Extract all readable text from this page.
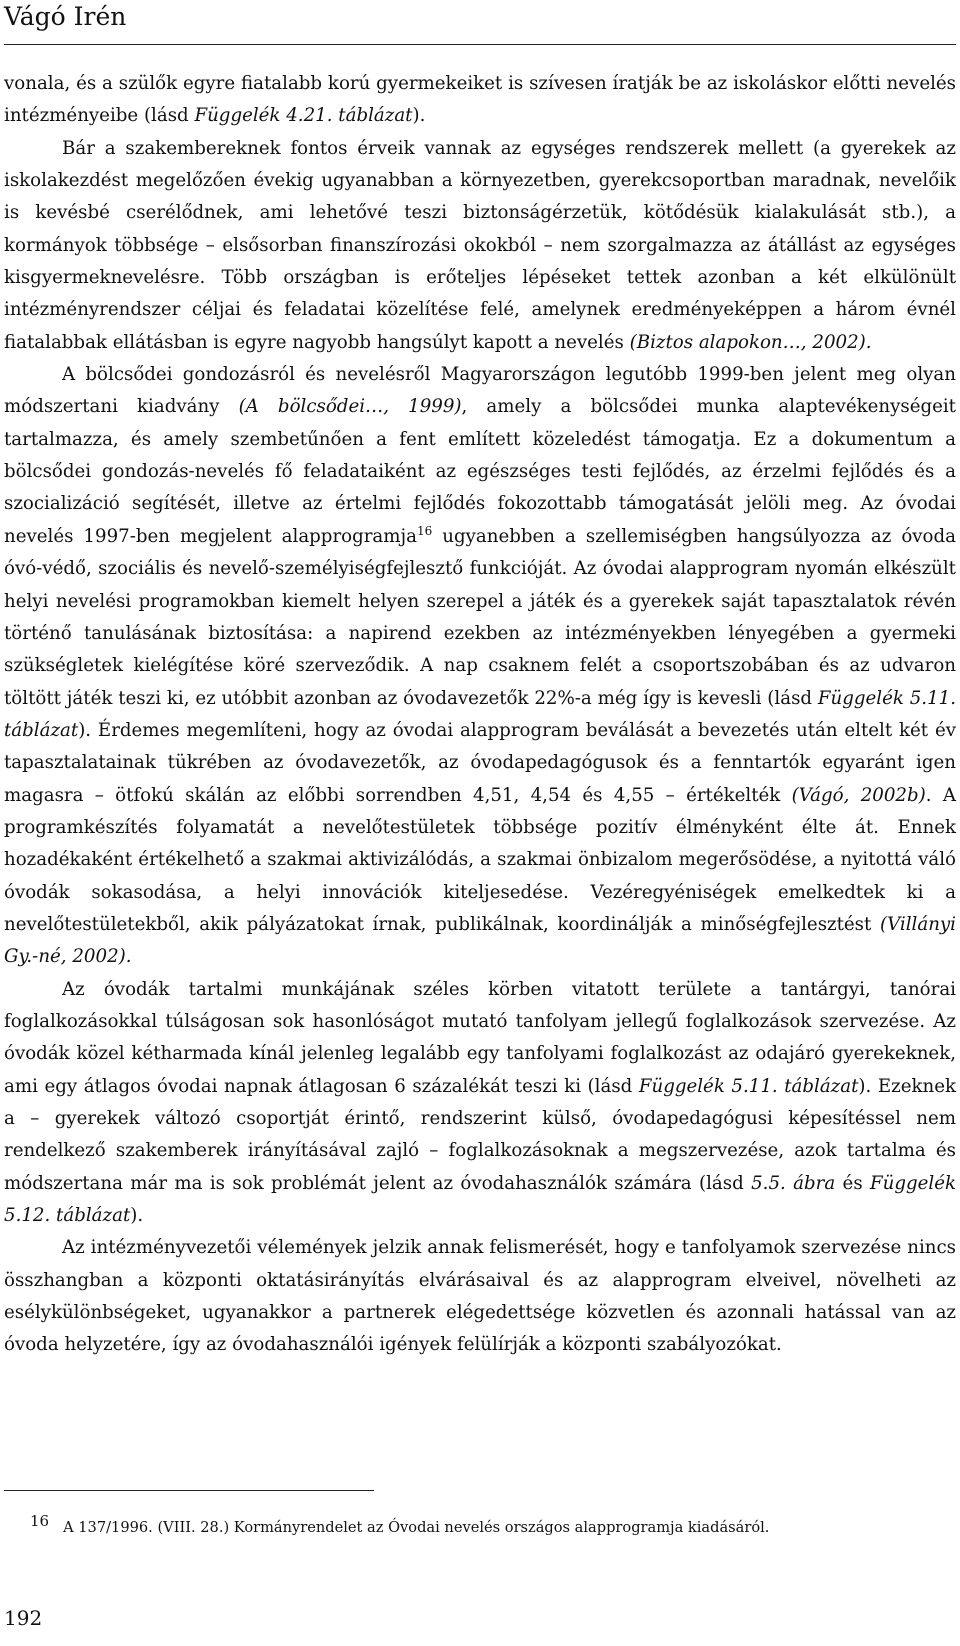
Vágó Irén

vonala, és a szülők egyre fiatalabb korú gyermekeiket is szívesen íratják be az iskoláskor előtti nevelés intézményeibe (lásd Függelék 4.21. táblázat).

Bár a szakembereknek fontos érveik vannak az egységes rendszerek mellett (a gyerekek az iskolakezdést megelőzően évekig ugyanabban a környezetben, gyerekcsoportban maradnak, nevelőik is kevésbé cserélődnek, ami lehetővé teszi biztonságérzetük, kötődésük kialakulását stb.), a kormányok többsége – elsősorban finanszírozási okokból – nem szorgalmazza az átállást az egységes kisgyermeknevelésre. Több országban is erőteljes lépéseket tettek azonban a két elkülönült intézményrendszer céljai és feladatai közelítése felé, amelynek eredményeképpen a három évnél fiatalabbak ellátásban is egyre nagyobb hangsúlyt kapott a nevelés (Biztos alapokon…, 2002).

A bölcsődei gondozásról és nevelésről Magyarországon legutóbb 1999-ben jelent meg olyan módszertani kiadvány (A bölcsődei…, 1999), amely a bölcsődei munka alaptevékenységeit tartalmazza, és amely szembetűnően a fent említett közeledést támogatja. Ez a dokumentum a bölcsődei gondozás-nevelés fő feladataiként az egészséges testi fejlődés, az érzelmi fejlődés és a szocializáció segítését, illetve az értelmi fejlődés fokozottabb támogatását jelöli meg. Az óvodai nevelés 1997-ben megjelent alapprogramja$^{16}$ ugyanebben a szellemiségben hangsúlyozza az óvoda óvó-védő, szociális és nevelő-személyiségfejlesztő funkcióját. Az óvodai alapprogram nyomán elkészült helyi nevelési programokban kiemelt helyen szerepel a játék és a gyerekek saját tapasztalatok révén történő tanulásának biztosítása: a napirend ezekben az intézményekben lényegében a gyermeki szükségletek kielégítése köré szerveződik. A nap csaknem felét a csoportszobában és az udvaron töltött játék teszi ki, ez utóbbit azonban az óvodavezetők 22%-a még így is kevesli (lásd Függelék 5.11. táblázat). Érdemes megemlíteni, hogy az óvodai alapprogram beválását a bevezetés után eltelt két év tapasztalatainak tükrében az óvodavezetők, az óvodapedagógusok és a fenntartók egyaránt igen magasra – ötfokú skálán az előbbi sorrendben 4,51, 4,54 és 4,55 – értékelték (Vágó, 2002b). A programkészítés folyamatát a nevelőtestületek többsége pozitív élményként élte át. Ennek hozadékaként értékelhető a szakmai aktivizálódás, a szakmai önbizalom megerősödése, a nyitottá váló óvodák sokasodása, a helyi innovációk kiteljesedése. Vezéregyéniségek emelkedtek ki a nevelőtestületekből, akik pályázatokat írnak, publikálnak, koordinálják a minőségfejlesztést (Villányi Gy.-né, 2002).

Az óvodák tartalmi munkájának széles körben vitatott területe a tantárgyi, tanórai foglalkozásokkal túlságosan sok hasonlóságot mutató tanfolyam jellegű foglalkozások szervezése. Az óvodák közel kétharmada kínál jelenleg legalább egy tanfolyami foglalkozást az odajáró gyerekeknek, ami egy átlagos óvodai napnak átlagosan 6 százalékát teszi ki (lásd Függelék 5.11. táblázat). Ezeknek a – gyerekek változó csoportját érintő, rendszerint külső, óvodapedagógusi képesítéssel nem rendelkező szakemberek irányításával zajló – foglalkozásoknak a megszervezése, azok tartalma és módszertana már ma is sok problémát jelent az óvodahasználók számára (lásd 5.5. ábra és Függelék 5.12. táblázat).

Az intézményvezetői vélemények jelzik annak felismerését, hogy e tanfolyamok szervezése nincs összhangban a központi oktatásirányítás elvárásaival és az alapprogram elveivel, növelheti az esélykülönbségeket, ugyanakkor a partnerek elégedettsége közvetlen és azonnali hatással van az óvoda helyzetére, így az óvodahasználói igények felülírják a központi szabályozókat.

16 A 137/1996. (VIII. 28.) Kormányrendelet az Óvodai nevelés országos alapprogramja kiadásáról.
192
